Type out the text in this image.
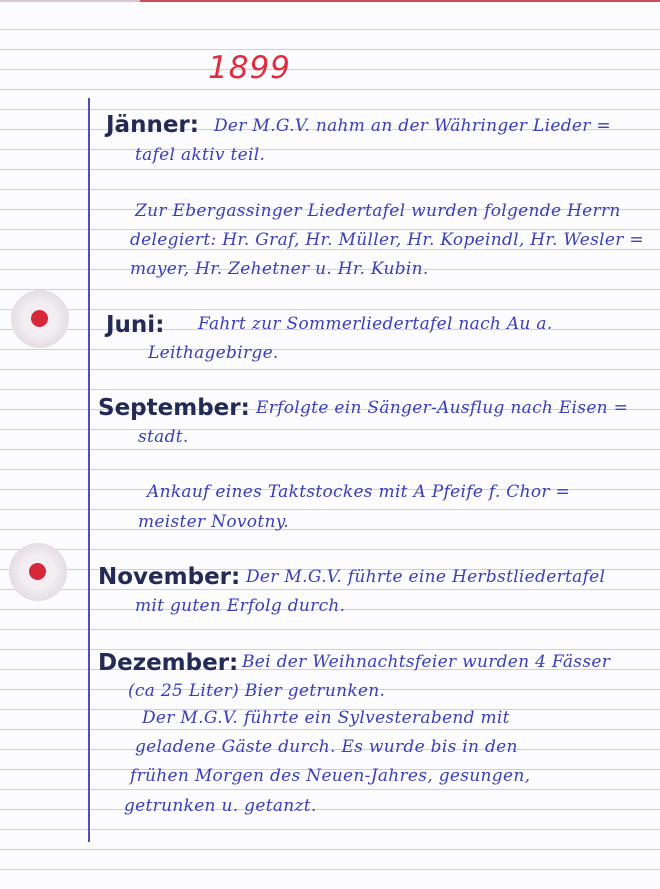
1899
Jänner: Der M.G.V. nahm an der Währinger Lieder =
tafel aktiv teil.
Zur Ebergassinger Liedertafel wurden folgende Herrn
delegiert: Hr. Graf, Hr. Müller, Hr. Kopeindl, Hr. Wesler =
mayer, Hr. Zehetner u. Hr. Kubin.
Juni: Fahrt zur Sommerliedertafel nach Au a.
Leithagebirge.
September: Erfolgte ein Sänger-Ausflug nach Eisen =
stadt.
Ankauf eines Taktstockes mit A Pfeife f. Chor =
meister Novotny.
November: Der M.G.V. führte eine Herbstliedertafel
mit guten Erfolg durch.
Dezember: Bei der Weihnachtsfeier wurden 4 Fässer
(ca 25 Liter) Bier getrunken.
Der M.G.V. führte ein Sylvesterabend mit
geladene Gäste durch. Es wurde bis in den
frühen Morgen des Neuen-Jahres, gesungen,
getrunken u. getanzt.
